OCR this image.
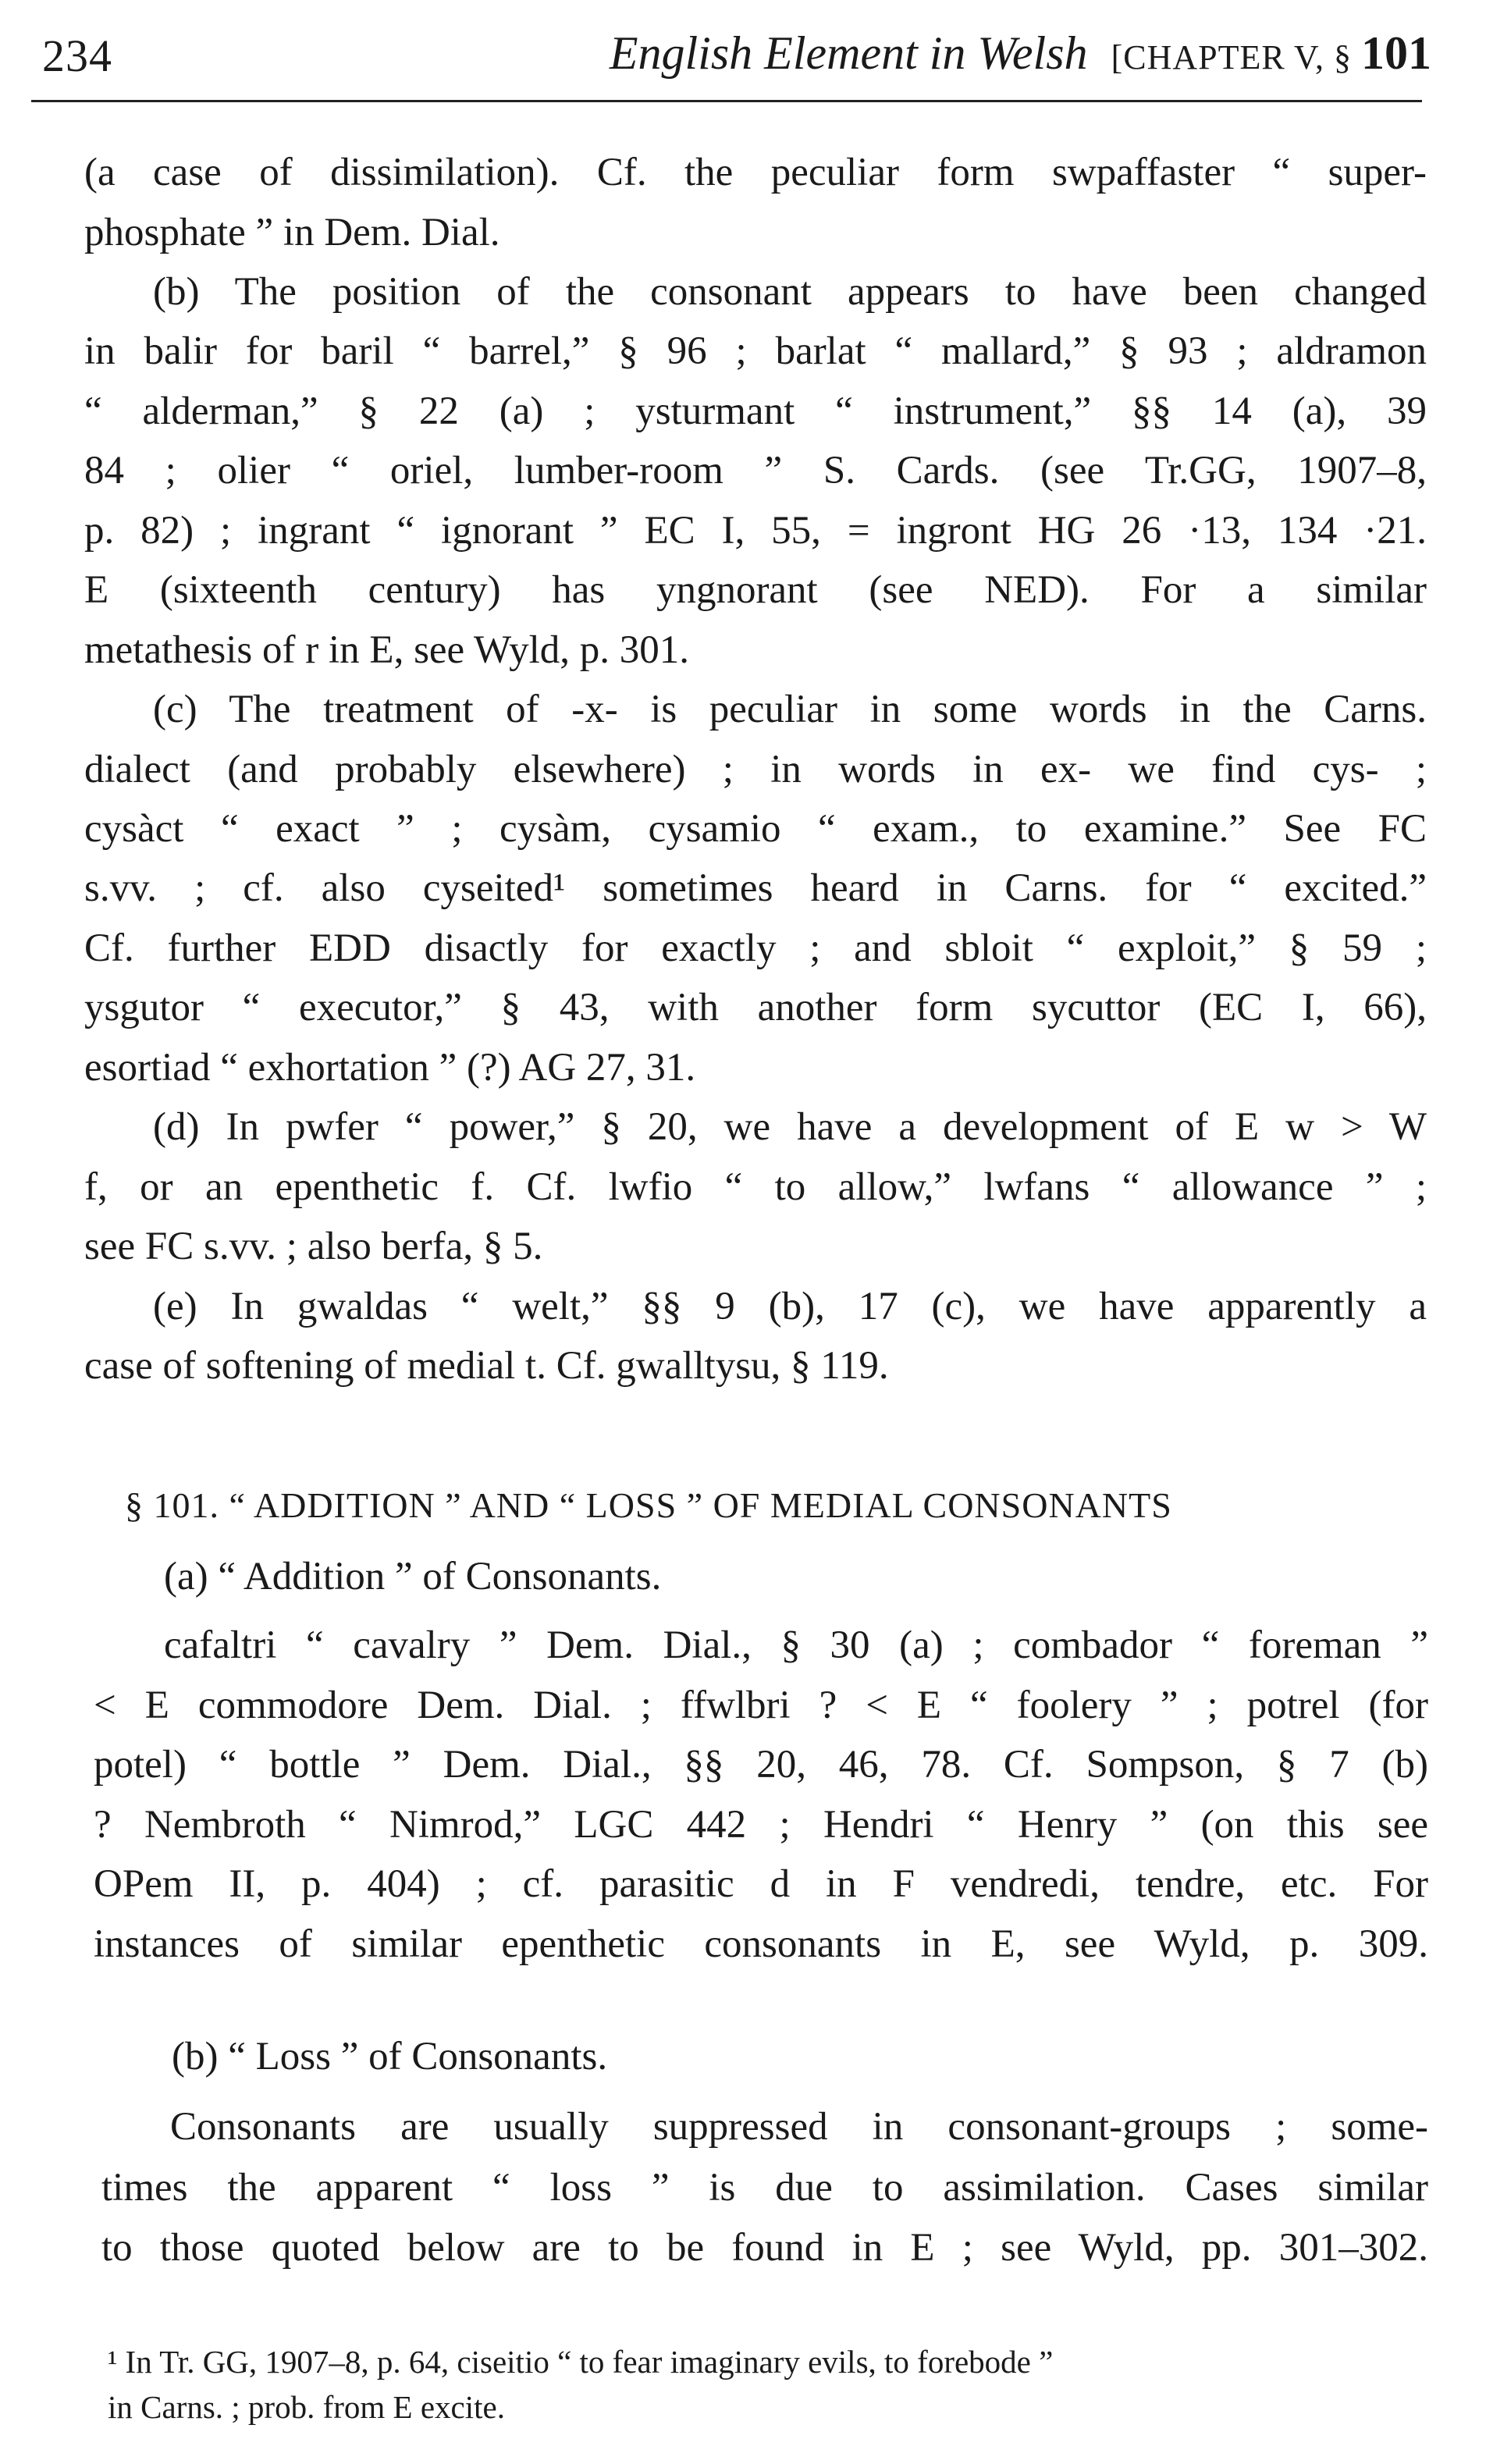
234	English Element in Welsh [CHAPTER V, § 101
(a case of dissimilation). Cf. the peculiar form swpaffaster “ super-
phosphate ” in Dem. Dial.
(b) The position of the consonant appears to have been changed
in balir for baril “ barrel,” § 96 ; barlat “ mallard,” § 93 ; aldramon
“ alderman,” § 22 (a) ; ysturmant “ instrument,” §§ 14 (a), 39
84 ; olier “ oriel, lumber-room ” S. Cards. (see Tr.GG, 1907–8,
p. 82) ; ingrant “ ignorant ” EC I, 55, = ingront HG 26 ·13, 134 ·21.
E (sixteenth century) has yngnorant (see NED). For a similar
metathesis of r in E, see Wyld, p. 301.
(c) The treatment of -x- is peculiar in some words in the Carns.
dialect (and probably elsewhere) ; in words in ex- we find cys- ;
cysàct “ exact ” ; cysàm, cysamio “ exam., to examine.” See FC
s.vv. ; cf. also cyseited¹ sometimes heard in Carns. for “ excited.”
Cf. further EDD disactly for exactly ; and sbloit “ exploit,” § 59 ;
ysgutor “ executor,” § 43, with another form sycuttor (EC I, 66),
esortiad “ exhortation ” (?) AG 27, 31.
(d) In pwfer “ power,” § 20, we have a development of E w > W
f, or an epenthetic f. Cf. lwfio “ to allow,” lwfans “ allowance ” ;
see FC s.vv. ; also berfa, § 5.
(e) In gwaldas “ welt,” §§ 9 (b), 17 (c), we have apparently a
case of softening of medial t. Cf. gwalltysu, § 119.
§ 101. “ ADDITION ” AND “ LOSS ” OF MEDIAL CONSONANTS
(a) “ Addition ” of Consonants.
cafaltri “ cavalry ” Dem. Dial., § 30 (a) ; combador “ foreman ”
< E commodore Dem. Dial. ; ffwlbri ? < E “ foolery ” ; potrel (for
potel) “ bottle ” Dem. Dial., §§ 20, 46, 78. Cf. Sompson, § 7 (b)
? Nembroth “ Nimrod,” LGC 442 ; Hendri “ Henry ” (on this see
OPem II, p. 404) ; cf. parasitic d in F vendredi, tendre, etc. For
instances of similar epenthetic consonants in E, see Wyld, p. 309.
(b) “ Loss ” of Consonants.
Consonants are usually suppressed in consonant-groups ; some-
times the apparent “ loss ” is due to assimilation. Cases similar
to those quoted below are to be found in E ; see Wyld, pp. 301–302.
¹ In Tr. GG, 1907–8, p. 64, ciseitio “ to fear imaginary evils, to forebode ”
in Carns. ; prob. from E excite.
